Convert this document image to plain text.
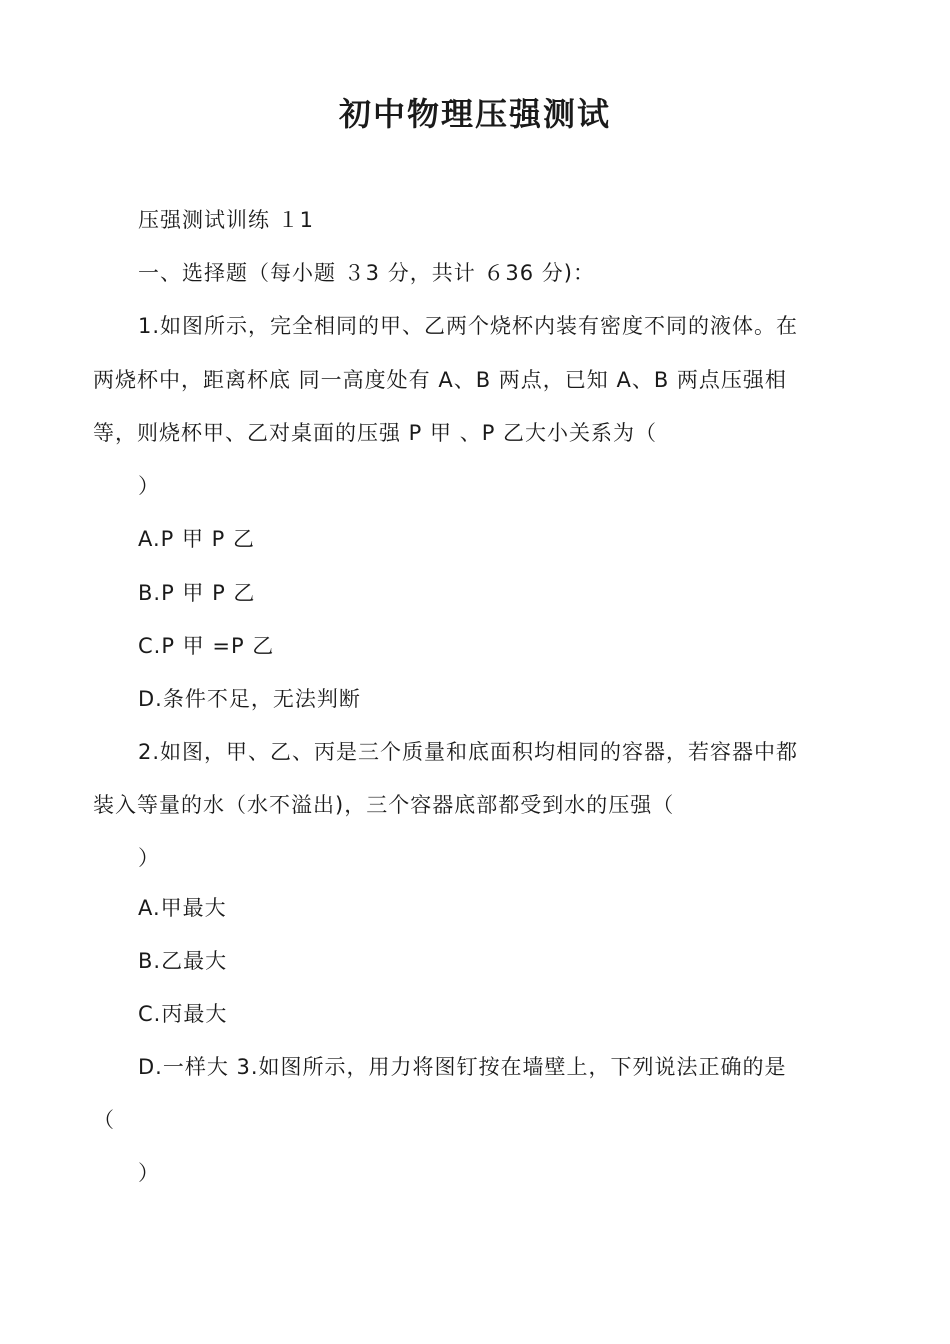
初中物理压强测试
压强测试训练 １1
一、选择题（每小题 ３3 分，共计 ６36 分)：
1.如图所示，完全相同的甲、乙两个烧杯内装有密度不同的液体。在
两烧杯中，距离杯底 同一高度处有 A、B 两点，已知 A、B 两点压强相
等，则烧杯甲、乙对桌面的压强 P 甲 、P 乙大小关系为（
）
A.P 甲 P 乙
B.P 甲 P 乙
C.P 甲 =P 乙
D.条件不足，无法判断
2.如图，甲、乙、丙是三个质量和底面积均相同的容器，若容器中都
装入等量的水（水不溢出)，三个容器底部都受到水的压强（
）
A.甲最大
B.乙最大
C.丙最大
D.一样大 3.如图所示，用力将图钉按在墙壁上，下列说法正确的是
（
）
